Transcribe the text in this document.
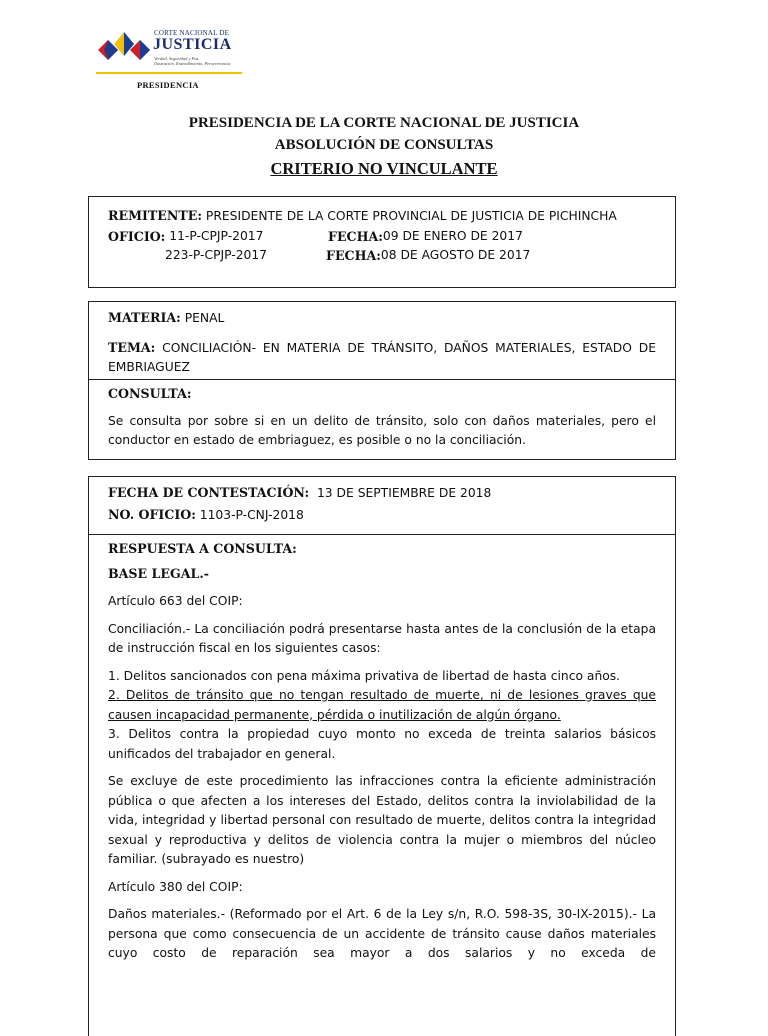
CORTE NACIONAL DE
JUSTICIA
Verdad, Seguridad y Paz
Ilustración, Entendimiento, Perseverancia
PRESIDENCIA
PRESIDENCIA DE LA CORTE NACIONAL DE JUSTICIA
ABSOLUCIÓN DE CONSULTAS
CRITERIO NO VINCULANTE

REMITENTE: PRESIDENTE DE LA CORTE PROVINCIAL DE JUSTICIA DE PICHINCHA

OFICIO: 11-P-CPJP-2017	FECHA: 09 DE ENERO DE 2017
223-P-CPJP-2017	FECHA: 08 DE AGOSTO DE 2017

MATERIA: PENAL

TEMA: CONCILIACIÓN- EN MATERIA DE TRÁNSITO, DAÑOS MATERIALES, ESTADO DE EMBRIAGUEZ

CONSULTA:

Se consulta por sobre si en un delito de tránsito, solo con daños materiales, pero el conductor en estado de embriaguez, es posible o no la conciliación.

FECHA DE CONTESTACIÓN: 13 DE SEPTIEMBRE DE 2018

NO. OFICIO: 1103-P-CNJ-2018

RESPUESTA A CONSULTA:

BASE LEGAL.-

Artículo 663 del COIP:

Conciliación.- La conciliación podrá presentarse hasta antes de la conclusión de la etapa de instrucción fiscal en los siguientes casos:

1. Delitos sancionados con pena máxima privativa de libertad de hasta cinco años.

2. Delitos de tránsito que no tengan resultado de muerte, ni de lesiones graves que causen incapacidad permanente, pérdida o inutilización de algún órgano.

3. Delitos contra la propiedad cuyo monto no exceda de treinta salarios básicos unificados del trabajador en general.

Se excluye de este procedimiento las infracciones contra la eficiente administración pública o que afecten a los intereses del Estado, delitos contra la inviolabilidad de la vida, integridad y libertad personal con resultado de muerte, delitos contra la integridad sexual y reproductiva y delitos de violencia contra la mujer o miembros del núcleo familiar. (subrayado es nuestro)

Artículo 380 del COIP:

Daños materiales.- (Reformado por el Art. 6 de la Ley s/n, R.O. 598-3S, 30-IX-2015).- La persona que como consecuencia de un accidente de tránsito cause daños materiales cuyo costo de reparación sea mayor a dos salarios y no exceda de
